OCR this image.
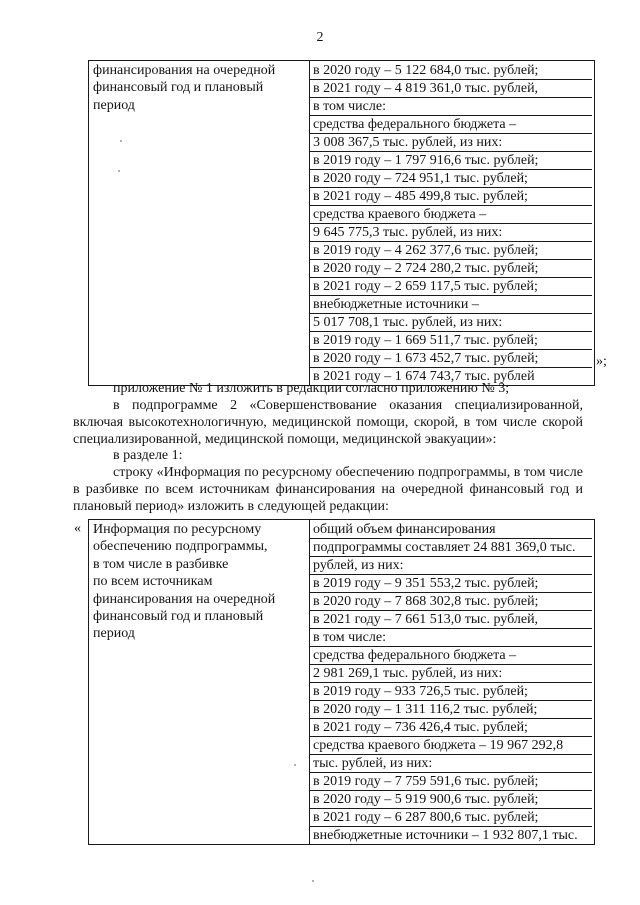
2
финансирования на очередной
финансовый год и плановый
период

в 2020 году – 5 122 684,0 тыс. рублей;
в 2021 году – 4 819 361,0 тыс. рублей,
в том числе:
средства федерального бюджета –
3 008 367,5 тыс. рублей, из них:
в 2019 году – 1 797 916,6 тыс. рублей;
в 2020 году – 724 951,1 тыс. рублей;
в 2021 году – 485 499,8 тыс. рублей;
средства краевого бюджета –
9 645 775,3 тыс. рублей, из них:
в 2019 году – 4 262 377,6 тыс. рублей;
в 2020 году – 2 724 280,2 тыс. рублей;
в 2021 году – 2 659 117,5 тыс. рублей;
внебюджетные источники –
5 017 708,1 тыс. рублей, из них:
в 2019 году – 1 669 511,7 тыс. рублей;
в 2020 году – 1 673 452,7 тыс. рублей;
в 2021 году – 1 674 743,7 тыс. рублей
»;

приложение № 1 изложить в редакции согласно приложению № 3;

в подпрограмме 2 «Совершенствование оказания специализированной, включая высокотехнологичную, медицинской помощи, скорой, в том числе скорой специализированной, медицинской помощи, медицинской эвакуации»:

в разделе 1:

строку «Информация по ресурсному обеспечению подпрограммы, в том числе в разбивке по всем источникам финансирования на очередной финансовый год и плановый период» изложить в следующей редакции:

« Информация по ресурсному
обеспечению подпрограммы,
в том числе в разбивке
по всем источникам
финансирования на очередной
финансовый год и плановый
период

общий объем финансирования
подпрограммы составляет 24 881 369,0 тыс.
рублей, из них:
в 2019 году – 9 351 553,2 тыс. рублей;
в 2020 году – 7 868 302,8 тыс. рублей;
в 2021 году – 7 661 513,0 тыс. рублей,
в том числе:
средства федерального бюджета –
2 981 269,1 тыс. рублей, из них:
в 2019 году – 933 726,5 тыс. рублей;
в 2020 году – 1 311 116,2 тыс. рублей;
в 2021 году – 736 426,4 тыс. рублей;
средства краевого бюджета – 19 967 292,8
тыс. рублей, из них:
в 2019 году – 7 759 591,6 тыс. рублей;
в 2020 году – 5 919 900,6 тыс. рублей;
в 2021 году – 6 287 800,6 тыс. рублей;
внебюджетные источники – 1 932 807,1 тыс.
